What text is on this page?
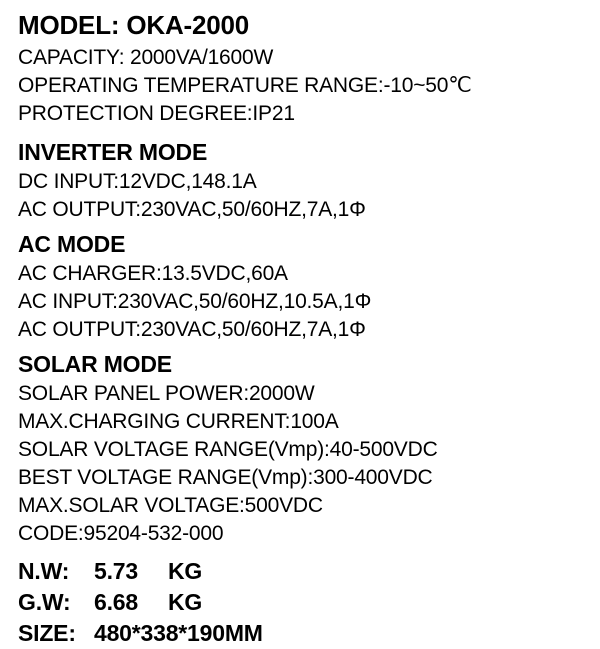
MODEL: OKA-2000
CAPACITY: 2000VA/1600W
OPERATING TEMPERATURE RANGE:-10~50℃
PROTECTION DEGREE:IP21
INVERTER MODE
DC INPUT:12VDC,148.1A
AC OUTPUT:230VAC,50/60HZ,7A,1Φ
AC MODE
AC CHARGER:13.5VDC,60A
AC INPUT:230VAC,50/60HZ,10.5A,1Φ
AC OUTPUT:230VAC,50/60HZ,7A,1Φ
SOLAR MODE
SOLAR PANEL POWER:2000W
MAX.CHARGING CURRENT:100A
SOLAR VOLTAGE RANGE(Vmp):40-500VDC
BEST VOLTAGE RANGE(Vmp):300-400VDC
MAX.SOLAR VOLTAGE:500VDC
CODE:95204-532-000
N.W: 5.73 KG
G.W: 6.68 KG
SIZE: 480*338*190MM
